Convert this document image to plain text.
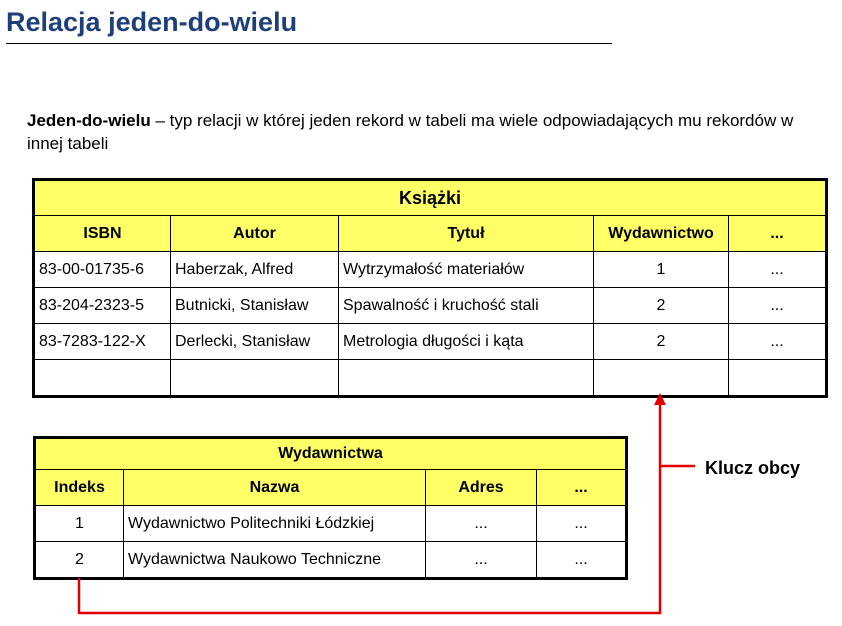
Relacja jeden-do-wielu

Jeden-do-wielu – typ relacji w której jeden rekord w tabeli ma wiele odpowiadających mu rekordów w innej tabeli

Książki				
ISBN	Autor	Tytuł	Wydawnictwo	...
83-00-01735-6	Haberzak, Alfred	Wytrzymałość materiałów	1	...
83-204-2323-5	Butnicki, Stanisław	Spawalność i kruchość stali	2	...
83-7283-122-X	Derlecki, Stanisław	Metrologia długości i kąta	2	...

Wydawnictwa			
Indeks	Nazwa	Adres	...
1	Wydawnictwo Politechniki Łódzkiej	...	...
2	Wydawnictwa Naukowo Techniczne	...	...
Klucz obcy
